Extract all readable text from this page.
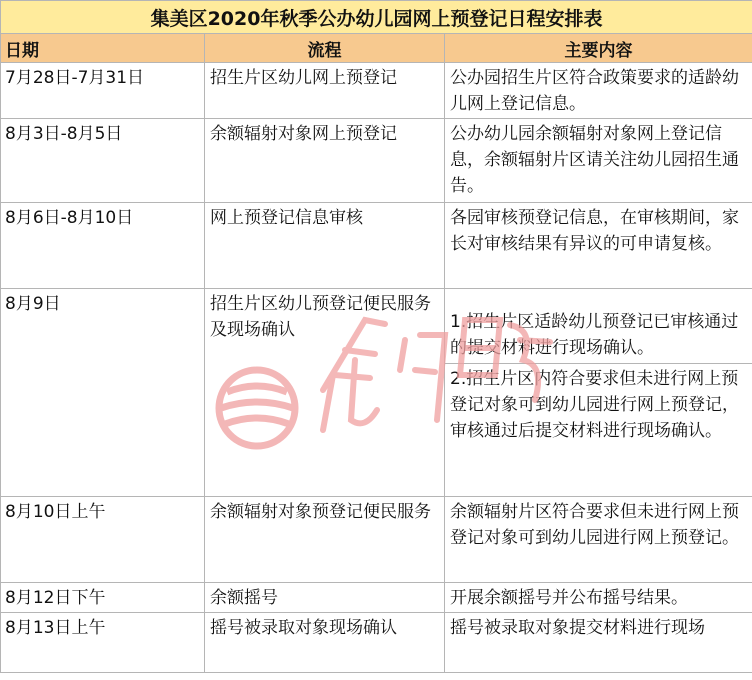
集美区2020年秋季公办幼儿园网上预登记日程安排表		
日期	流程	主要内容
7月28日-7月31日	招生片区幼儿网上预登记	公办园招生片区符合政策要求的适龄幼儿网上登记信息。
8月3日-8月5日	余额辐射对象网上预登记	公办幼儿园余额辐射对象网上登记信息，余额辐射片区请关注幼儿园招生通告。
8月6日-8月10日	网上预登记信息审核	各园审核预登记信息，在审核期间，家长对审核结果有异议的可申请复核。
8月9日	招生片区幼儿预登记便民服务及现场确认	1.招生片区适龄幼儿预登记已审核通过的提交材料进行现场确认。
2.招生片区内符合要求但未进行网上预登记对象可到幼儿园进行网上预登记，审核通过后提交材料进行现场确认。

8月10日上午	余额辐射对象预登记便民服务	余额辐射片区符合要求但未进行网上预登记对象可到幼儿园进行网上预登记。
8月12日下午	余额摇号	开展余额摇号并公布摇号结果。
8月13日上午	摇号被录取对象现场确认	摇号被录取对象提交材料进行现场
